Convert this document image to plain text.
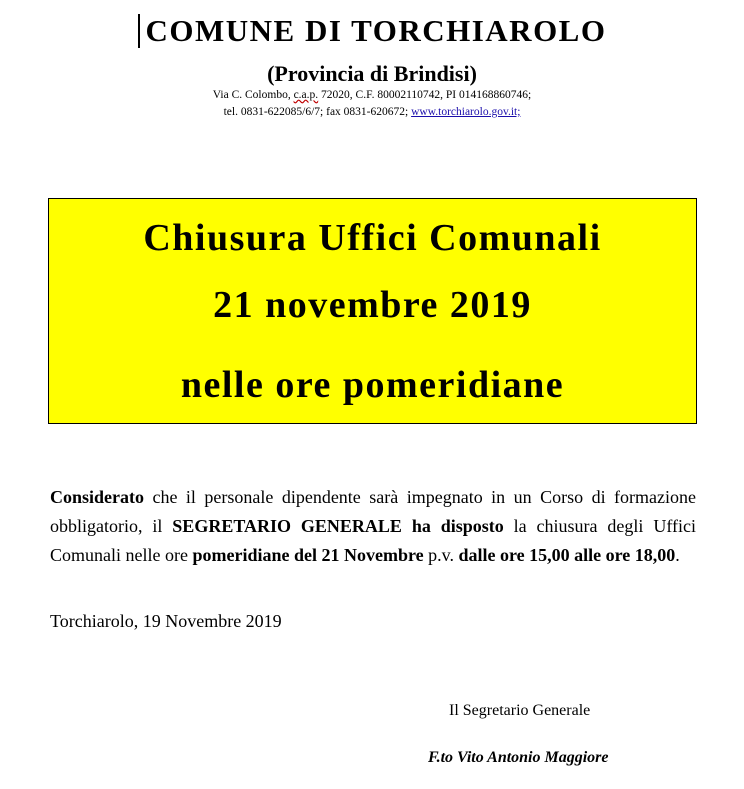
COMUNE DI TORCHIAROLO
(Provincia di Brindisi)
Via C. Colombo, c.a.p. 72020, C.F. 80002110742, PI 014168860746;
tel. 0831-622085/6/7; fax 0831-620672; www.torchiarolo.gov.it;
Chiusura Uffici Comunali
21 novembre 2019
nelle ore pomeridiane
Considerato che il personale dipendente sarà impegnato in un Corso di formazione obbligatorio, il SEGRETARIO GENERALE ha disposto la chiusura degli Uffici Comunali nelle ore pomeridiane del 21 Novembre p.v. dalle ore 15,00 alle ore 18,00.
Torchiarolo, 19 Novembre 2019
Il Segretario Generale
F.to Vito Antonio Maggiore
